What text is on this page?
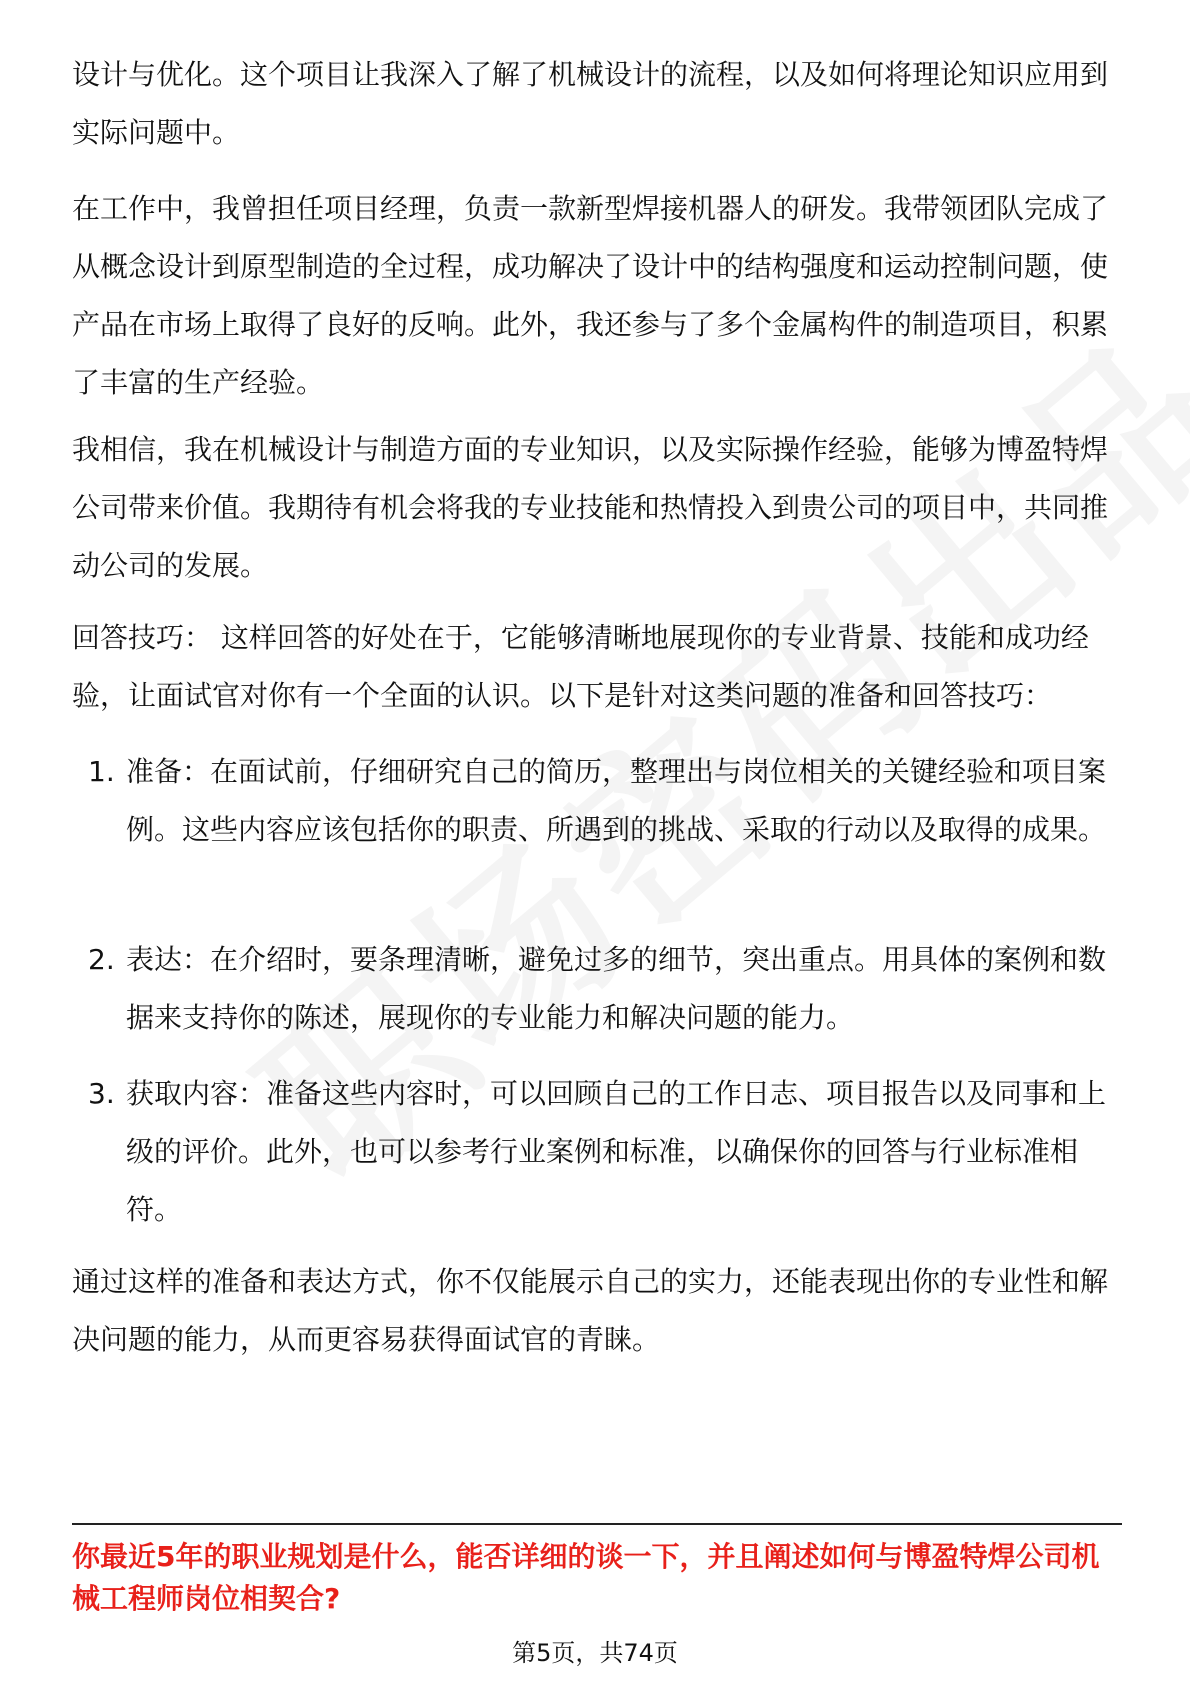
设计与优化。这个项目让我深入了解了机械设计的流程，以及如何将理论知识应用到实际问题中。

在工作中，我曾担任项目经理，负责一款新型焊接机器人的研发。我带领团队完成了从概念设计到原型制造的全过程，成功解决了设计中的结构强度和运动控制问题，使产品在市场上取得了良好的反响。此外，我还参与了多个金属构件的制造项目，积累了丰富的生产经验。

我相信，我在机械设计与制造方面的专业知识，以及实际操作经验，能够为博盈特焊公司带来价值。我期待有机会将我的专业技能和热情投入到贵公司的项目中，共同推动公司的发展。

回答技巧： 这样回答的好处在于，它能够清晰地展现你的专业背景、技能和成功经验，让面试官对你有一个全面的认识。以下是针对这类问题的准备和回答技巧：

1. 准备：在面试前，仔细研究自己的简历，整理出与岗位相关的关键经验和项目案例。这些内容应该包括你的职责、所遇到的挑战、采取的行动以及取得的成果。
2. 表达：在介绍时，要条理清晰，避免过多的细节，突出重点。用具体的案例和数据来支持你的陈述，展现你的专业能力和解决问题的能力。
3. 获取内容：准备这些内容时，可以回顾自己的工作日志、项目报告以及同事和上级的评价。此外，也可以参考行业案例和标准，以确保你的回答与行业标准相符。

通过这样的准备和表达方式，你不仅能展示自己的实力，还能表现出你的专业性和解决问题的能力，从而更容易获得面试官的青睐。

你最近5年的职业规划是什么，能否详细的谈一下，并且阐述如何与博盈特焊公司机械工程师岗位相契合?
第5页，共74页
